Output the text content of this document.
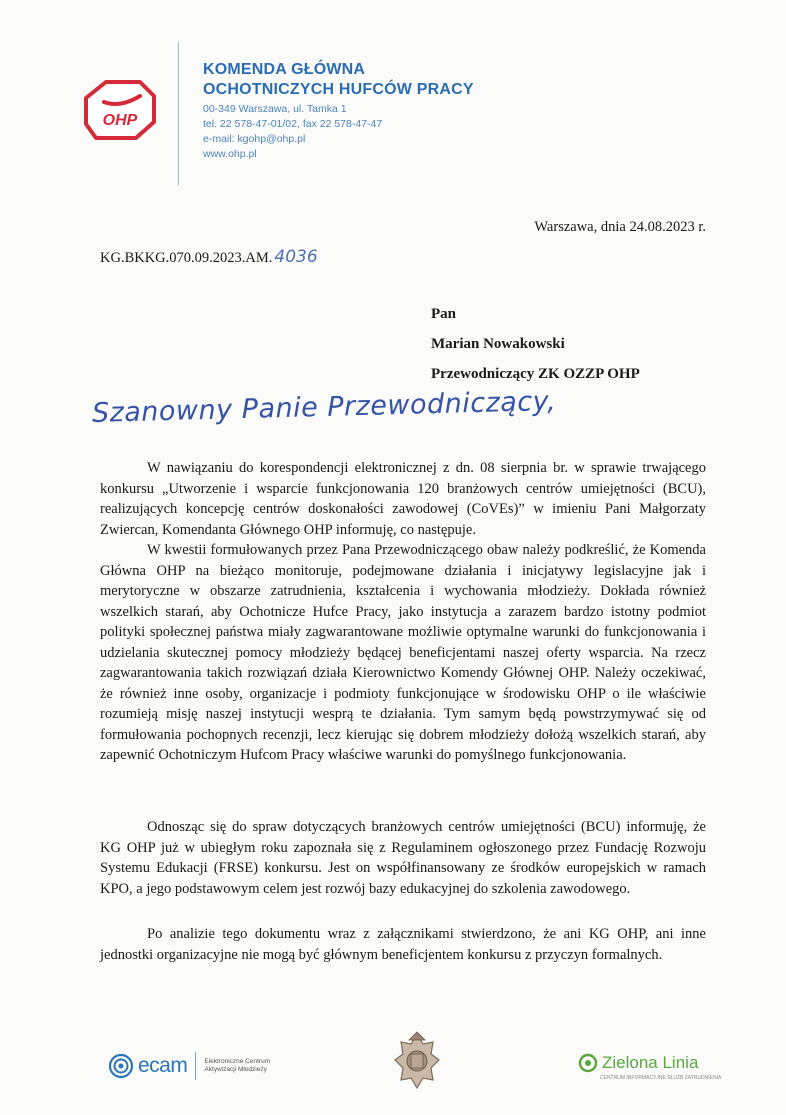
OHP
KOMENDA GŁÓWNA
OCHOTNICZYCH HUFCÓW PRACY
00-349 Warszawa, ul. Tamka 1
tel. 22 578-47-01/02, fax 22 578-47-47
e-mail: kgohp@ohp.pl
www.ohp.pl
Warszawa, dnia 24.08.2023 r.
KG.BKKG.070.09.2023.AM. 4036
Pan
Marian Nowakowski
Przewodniczący ZK OZZP OHP
Szanowny Panie Przewodniczący,

W nawiązaniu do korespondencji elektronicznej z dn. 08 sierpnia br. w sprawie trwającego konkursu „Utworzenie i wsparcie funkcjonowania 120 branżowych centrów umiejętności (BCU), realizujących koncepcję centrów doskonałości zawodowej (CoVEs)” w imieniu Pani Małgorzaty Zwiercan, Komendanta Głównego OHP informuję, co następuje.

W kwestii formułowanych przez Pana Przewodniczącego obaw należy podkreślić, że Komenda Główna OHP na bieżąco monitoruje, podejmowane działania i inicjatywy legislacyjne jak i merytoryczne w obszarze zatrudnienia, kształcenia i wychowania młodzieży. Dokłada również wszelkich starań, aby Ochotnicze Hufce Pracy, jako instytucja a zarazem bardzo istotny podmiot polityki społecznej państwa miały zagwarantowane możliwie optymalne warunki do funkcjonowania i udzielania skutecznej pomocy młodzieży będącej beneficjentami naszej oferty wsparcia. Na rzecz zagwarantowania takich rozwiązań działa Kierownictwo Komendy Głównej OHP. Należy oczekiwać, że również inne osoby, organizacje i podmioty funkcjonujące w środowisku OHP o ile właściwie rozumieją misję naszej instytucji wesprą te działania. Tym samym będą powstrzymywać się od formułowania pochopnych recenzji, lecz kierując się dobrem młodzieży dołożą wszelkich starań, aby zapewnić Ochotniczym Hufcom Pracy właściwe warunki do pomyślnego funkcjonowania.

Odnosząc się do spraw dotyczących branżowych centrów umiejętności (BCU) informuję, że KG OHP już w ubiegłym roku zapoznała się z Regulaminem ogłoszonego przez Fundację Rozwoju Systemu Edukacji (FRSE) konkursu. Jest on współfinansowany ze środków europejskich w ramach KPO, a jego podstawowym celem jest rozwój bazy edukacyjnej do szkolenia zawodowego.

Po analizie tego dokumentu wraz z załącznikami stwierdzono, że ani KG OHP, ani inne jednostki organizacyjne nie mogą być głównym beneficjentem konkursu z przyczyn formalnych.

ecam	Elektroniczne Centrum
Aktywizacji Młodzieży	Zielona Linia
CENTRUM INFORMACYJNE SŁUŻB ZATRUDNIENIA
